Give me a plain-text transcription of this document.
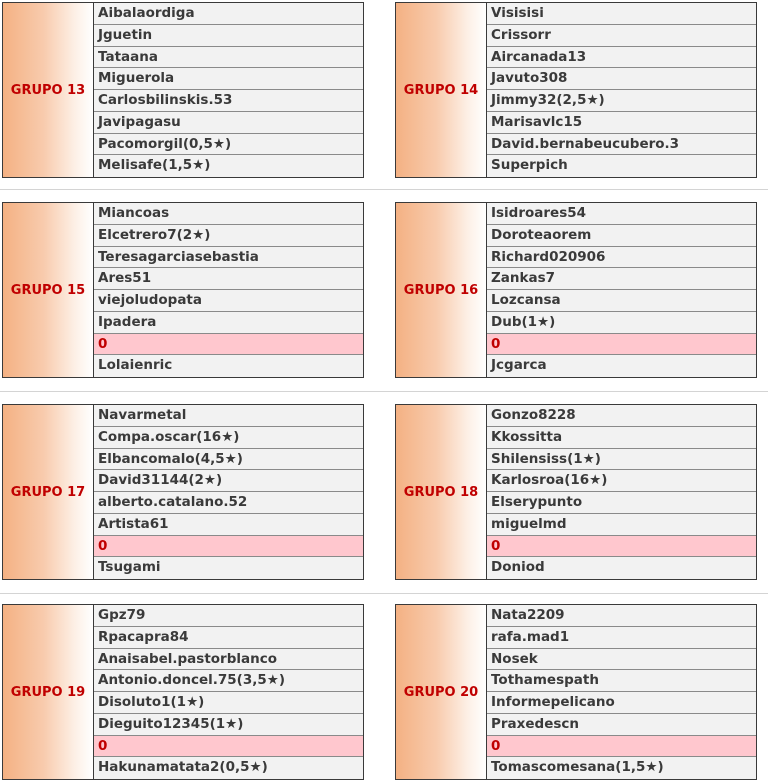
GRUPO 13
Aibalaordiga
Jguetin
Tataana
Miguerola
Carlosbilinskis.53
Javipagasu
Pacomorgil(0,5★)
Melisafe(1,5★)
GRUPO 14
Visisisi
Crissorr
Aircanada13
Javuto308
Jimmy32(2,5★)
Marisavlc15
David.bernabeucubero.3
Superpich
GRUPO 15
Miancoas
Elcetrero7(2★)
Teresagarciasebastia
Ares51
viejoludopata
Ipadera
0
Lolaienric
GRUPO 16
Isidroares54
Doroteaorem
Richard020906
Zankas7
Lozcansa
Dub(1★)
0
Jcgarca
GRUPO 17
Navarmetal
Compa.oscar(16★)
Elbancomalo(4,5★)
David31144(2★)
alberto.catalano.52
Artista61
0
Tsugami
GRUPO 18
Gonzo8228
Kkossitta
Shilensiss(1★)
Karlosroa(16★)
Elserypunto
miguelmd
0
Doniod
GRUPO 19
Gpz79
Rpacapra84
Anaisabel.pastorblanco
Antonio.doncel.75(3,5★)
Disoluto1(1★)
Dieguito12345(1★)
0
Hakunamatata2(0,5★)
GRUPO 20
Nata2209
rafa.mad1
Nosek
Tothamespath
Informepelicano
Praxedescn
0
Tomascomesana(1,5★)
